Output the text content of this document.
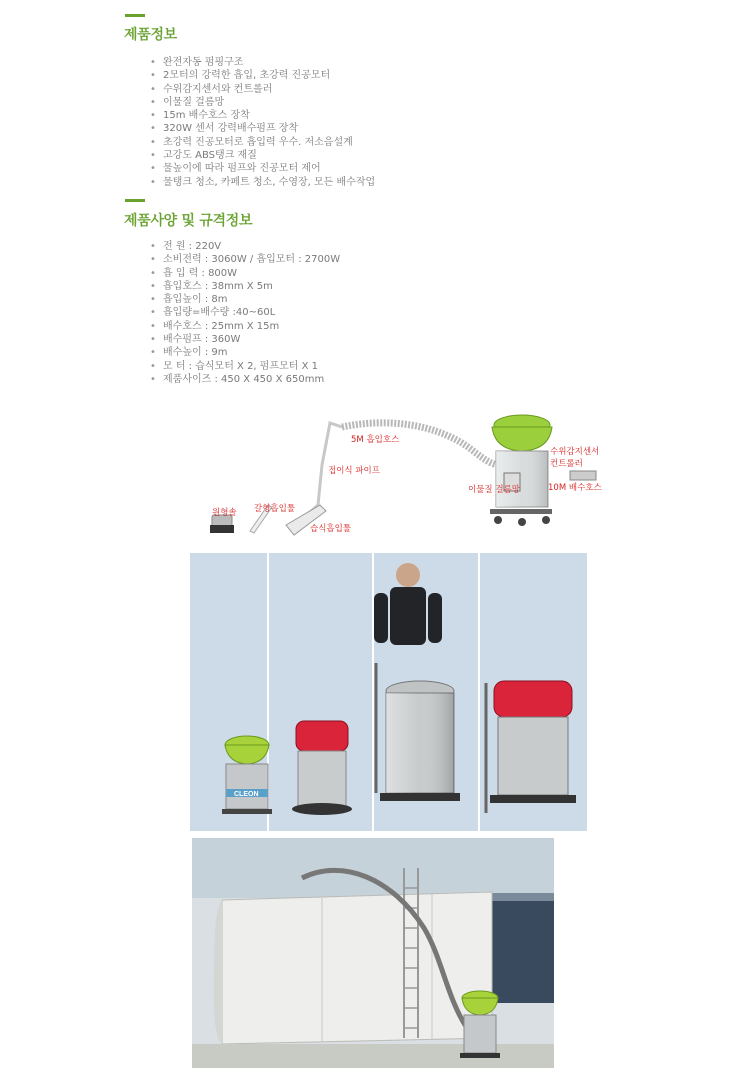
제품정보
• 완전자동 펌핑구조
• 2모터의 강력한 흡입, 초강력 진공모터
• 수위감지센서와 컨트롤러
• 이물질 걸름망
• 15m 배수호스 장착
• 320W 센서 강력배수펌프 장착
• 초강력 진공모터로 흡입력 우수. 저소음설계
• 고강도 ABS탱크 재질
• 물높이에 따라 펌프와 진공모터 제어
• 물탱크 청소, 카페트 청소, 수영장, 모든 배수작업
제품사양 및 규격정보
• 전 원 : 220V
• 소비전력 : 3060W / 흡입모터 : 2700W
• 흡 입 력 : 800W
• 흡입호스 : 38mm X 5m
• 흡입높이 : 8m
• 흡입량=배수량 :40~60L
• 배수호스 : 25mm X 15m
• 배수펌프 : 360W
• 배수높이 : 9m
• 모 터 : 습식모터 X 2, 펌프모터 X 1
• 제품사이즈 : 450 X 450 X 650mm
5M 흡입호스
접이식 파이프
수위감지센서
컨트롤러
이물질 걸름망	10M 배수호스
원형솔 갈형흡입툴
습식흡입툴
CLEON
